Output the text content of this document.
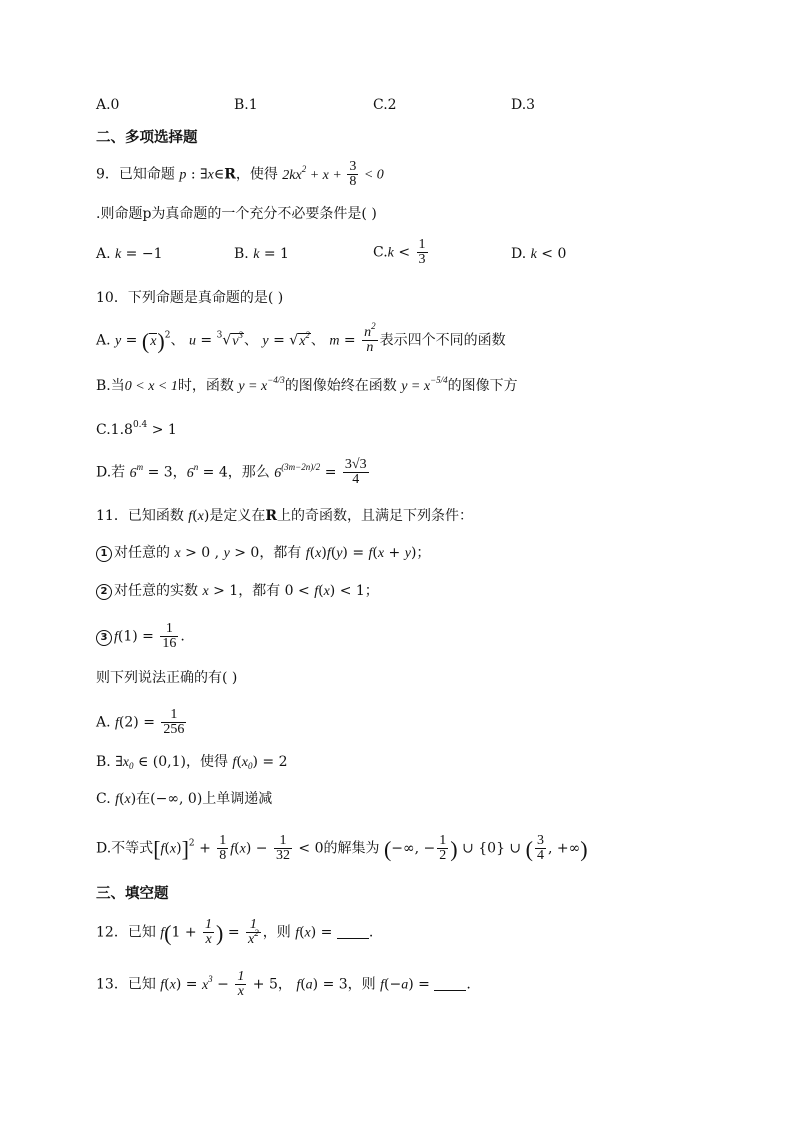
A.0	B.1	C.2	D.3
二、多项选择题
9．已知命题 p : ∃x∈R，使得 $2kx^2 + x + \frac{3}{8} < 0$
.则命题p为真命题的一个充分不必要条件是( )
A. k = −1	B. k = 1	$C.k < \frac{1}{3}$	D. k < 0
10．下列命题是真命题的是( )
A. $y = (x)^2$、 $u = ^3√v^3$、 $y = √x^2$、 $m = \frac{n^2}{n}$ 表示四个不同的函数
B.当0 < x < 1时，函数 $y = x^{-4/3}$的图像始终在函数 $y = x^{-5/4}$的图像下方
$C.1.8^{0.4} > 1$
D.若 $6^m = 3$，$6^n = 4$，那么 $6^{(3m-2n)/2} = \frac{3√3}{4}$
11．已知函数 f(x)是定义在R上的奇函数，且满足下列条件：
1 对任意的 x > 0 , y > 0，都有 f(x)f(y) = f(x + y)；
2 对任意的实数 x > 1，都有 0 < f(x) < 1；
3 $f(1) = \frac{1}{16}$ .
则下列说法正确的有( )
A. $f(2) = \frac{1}{256}$
B. $\exists x_0$ ∈ (0,1)，使得 $f(x_0) = 2$
C. f(x)在(−∞, 0)上单调递减
D.不等式$[f(x)]^2 + \frac{1}{8} f(x) - \frac{1}{32} < 0$的解集为 (−∞, − $\frac{1}{2}$ ) ∪ {0} ∪ ( $\frac{3}{4}$ , +∞)
三、填空题
12．已知 $f(1 + \frac{1}{x}$ ) = $\frac{1}{x^2}$ ，则 f(x) = .
13．已知 $f(x) = x^3 - \frac{1}{x} + 5$， f(a) = 3，则 f(−a) = .
